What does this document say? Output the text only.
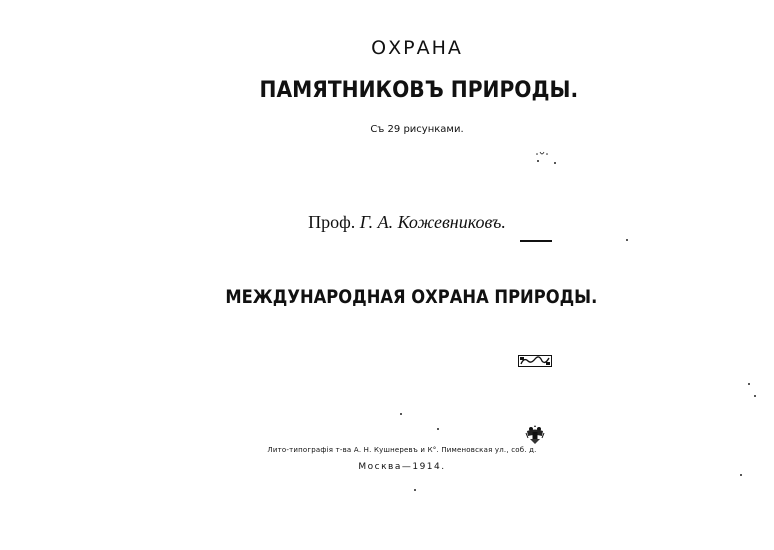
ОХРАНА
ПАМЯТНИКОВЪ ПРИРОДЫ.
Съ 29 рисунками.
Проф. Г. А. Кожевниковъ.
МЕЖДУНАРОДНАЯ ОХРАНА ПРИРОДЫ.
Лито-типографія т-ва А. Н. Кушнеревъ и К°. Пименовская ул., соб. д.
Москва—1914.
